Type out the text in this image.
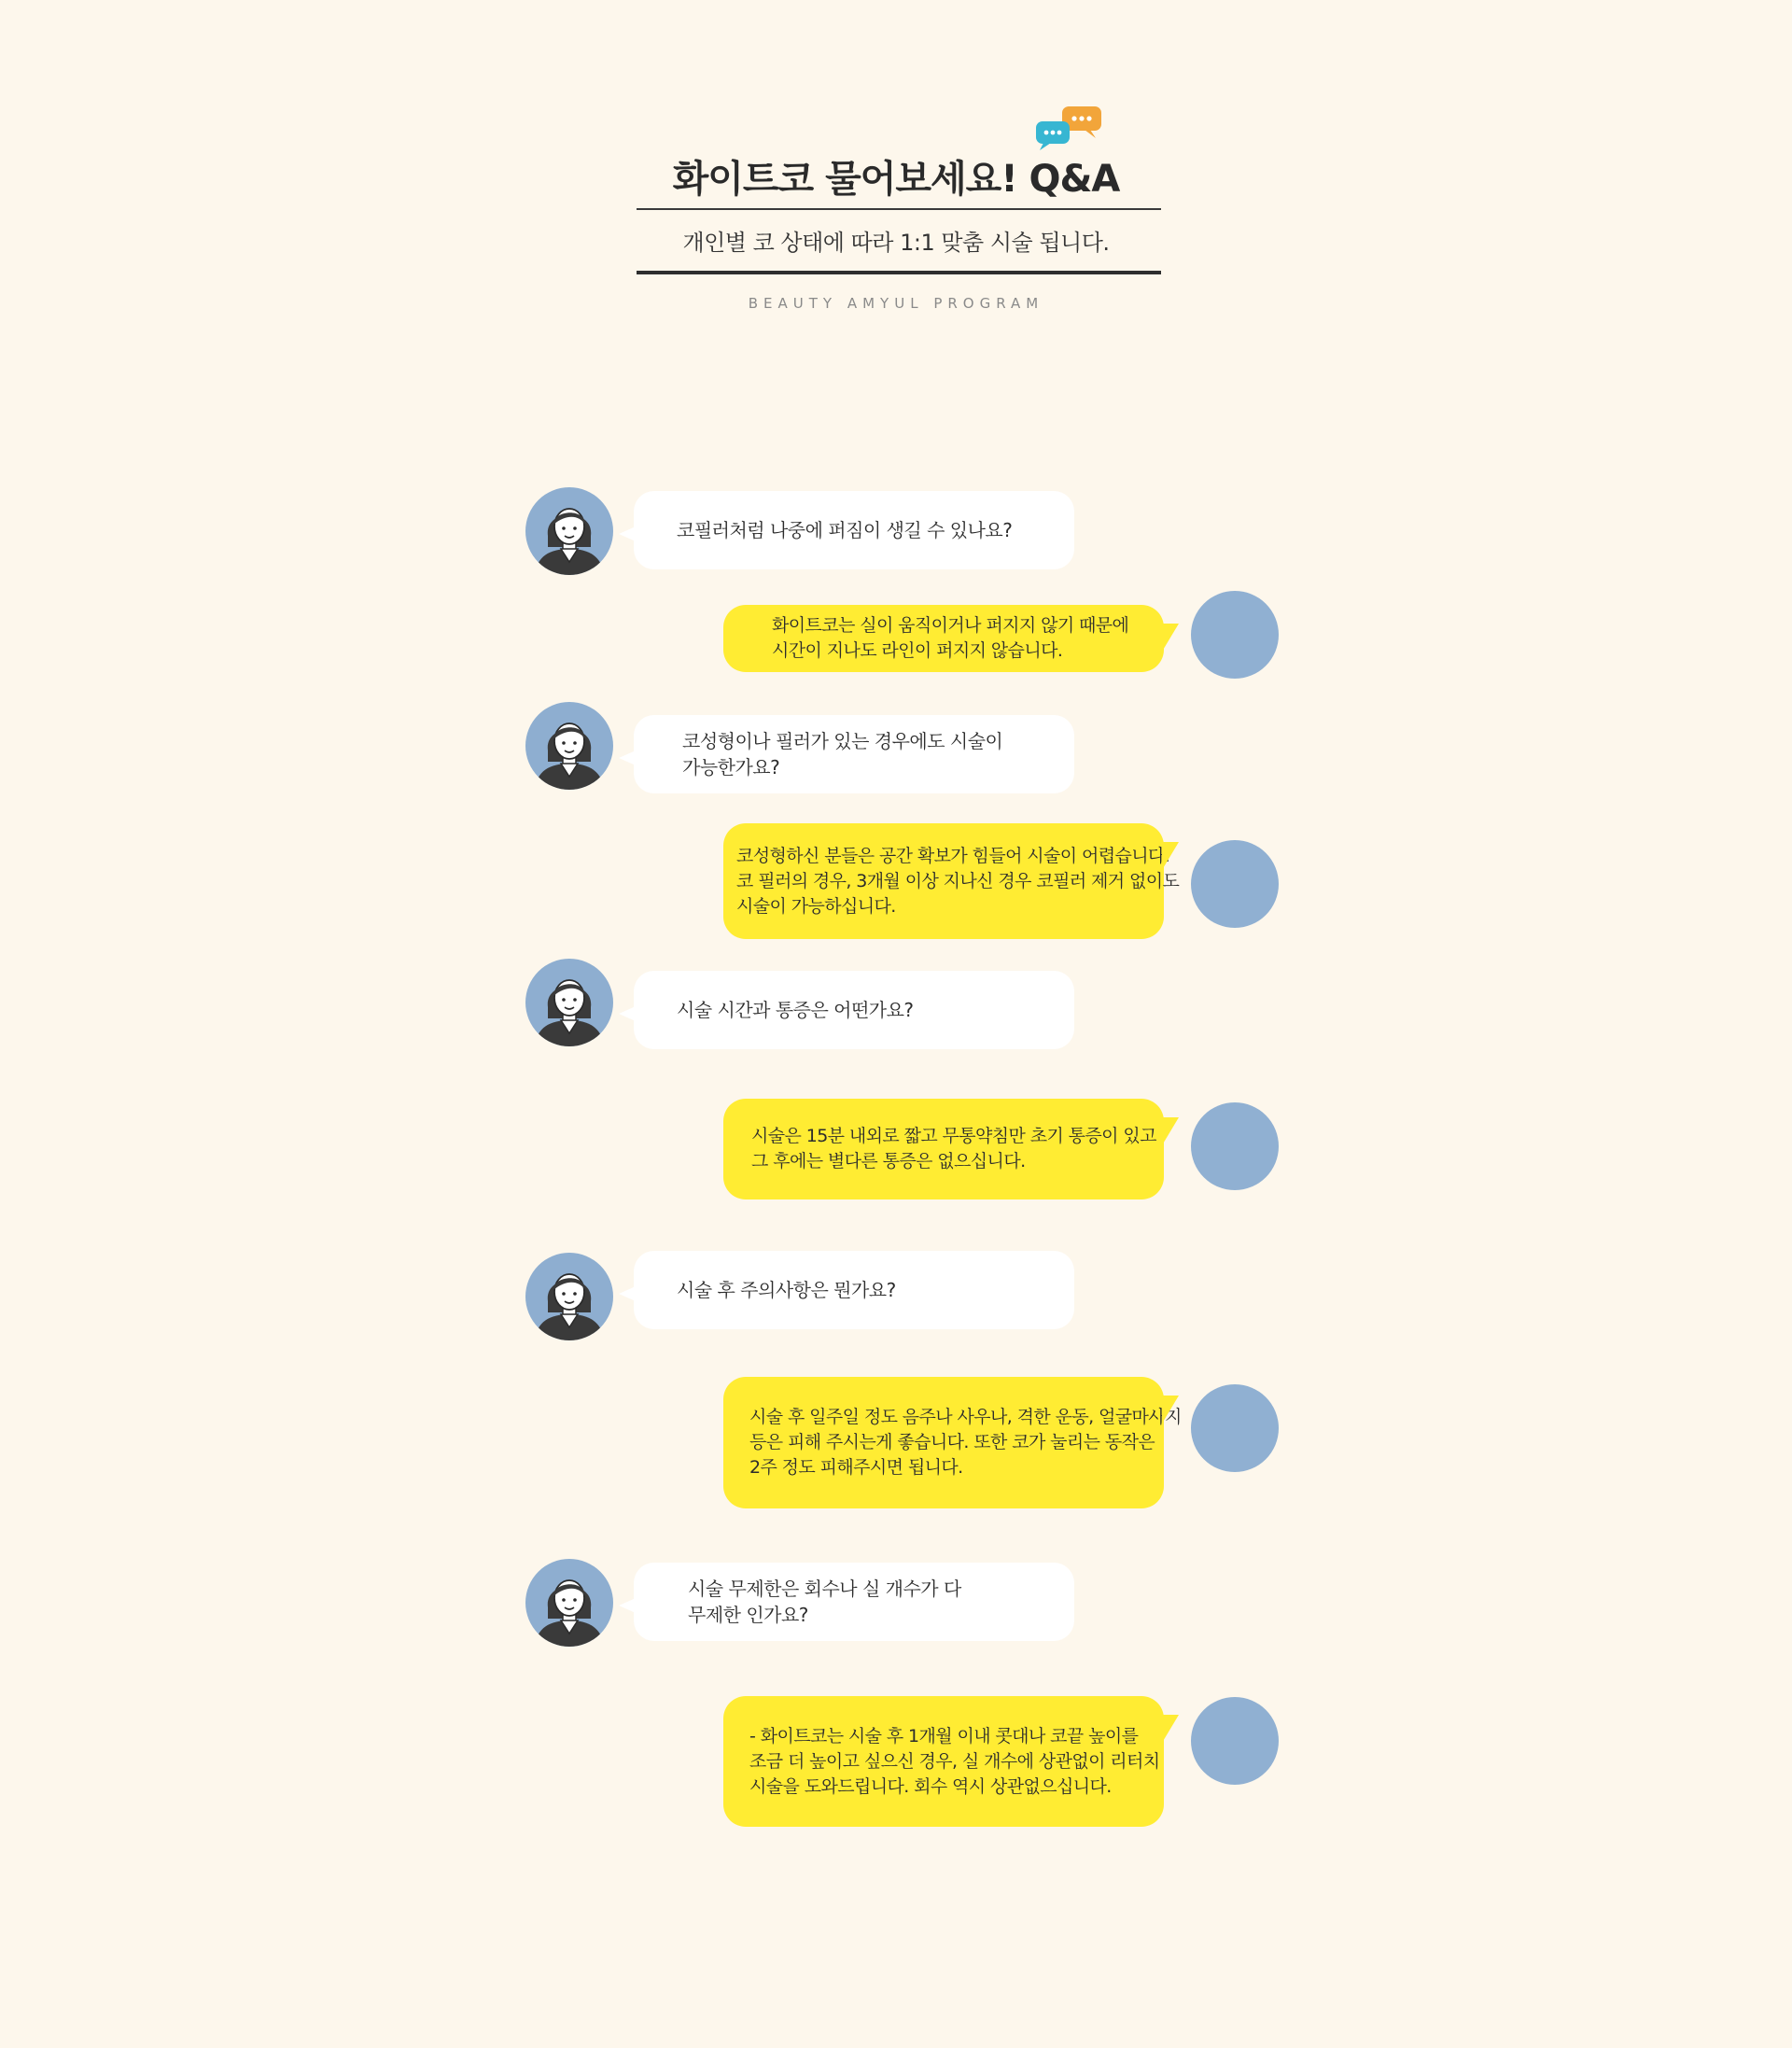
화이트코 물어보세요! Q&A
개인별 코 상태에 따라 1:1 맞춤 시술 됩니다.
BEAUTY AMYUL PROGRAM
코필러처럼 나중에 퍼짐이 생길 수 있나요?
화이트코는 실이 움직이거나 퍼지지 않기 때문에
시간이 지나도 라인이 퍼지지 않습니다.
코성형이나 필러가 있는 경우에도 시술이
가능한가요?
코성형하신 분들은 공간 확보가 힘들어 시술이 어렵습니다.
코 필러의 경우, 3개월 이상 지나신 경우 코필러 제거 없이도
시술이 가능하십니다.
시술 시간과 통증은 어떤가요?
시술은 15분 내외로 짧고 무통약침만 초기 통증이 있고
그 후에는 별다른 통증은 없으십니다.
시술 후 주의사항은 뭔가요?
시술 후 일주일 정도 음주나 사우나, 격한 운동, 얼굴마사지
등은 피해 주시는게 좋습니다. 또한 코가 눌리는 동작은
2주 정도 피해주시면 됩니다.
시술 무제한은 회수나 실 개수가 다
무제한 인가요?
- 화이트코는 시술 후 1개월 이내 콧대나 코끝 높이를
조금 더 높이고 싶으신 경우, 실 개수에 상관없이 리터치
시술을 도와드립니다. 회수 역시 상관없으십니다.
